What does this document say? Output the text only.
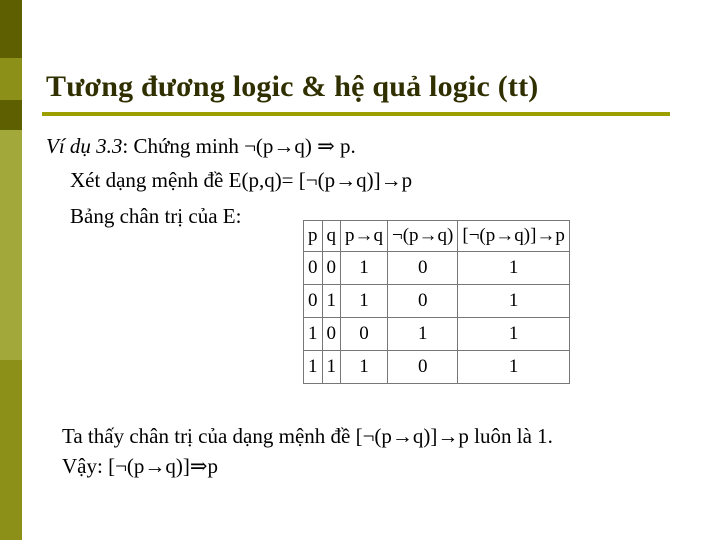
Tương đương logic & hệ quả logic (tt)
Ví dụ 3.3: Chứng minh ¬(p→q) ⇒ p.
Xét dạng mệnh đề E(p,q)= [¬(p→q)]→p
Bảng chân trị của E:
p	q	p→q	¬(p→q)	[¬(p→q)]→p
0	0	1	0	1
0	1	1	0	1
1	0	0	1	1
1	1	1	0	1
Ta thấy chân trị của dạng mệnh đề [¬(p→q)]→p luôn là 1.
Vậy: [¬(p→q)]⇒p
